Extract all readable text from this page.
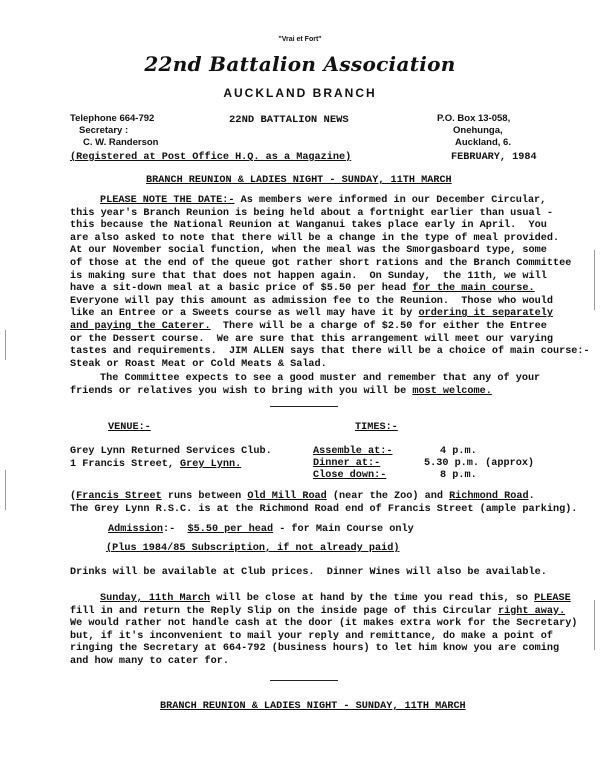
"Vrai et Fort"
22nd Battalion Association
AUCKLAND BRANCH
Telephone 664-792
Secretary :
C. W. Randerson
22ND BATTALION NEWS	P.O. Box 13-058,
Onehunga,
Auckland, 6.
(Registered at Post Office H.Q. as a Magazine)	FEBRUARY, 1984
BRANCH REUNION & LADIES NIGHT - SUNDAY, 11TH MARCH
PLEASE NOTE THE DATE:- As members were informed in our December Circular,
this year's Branch Reunion is being held about a fortnight earlier than usual -
this because the National Reunion at Wanganui takes place early in April.  You
are also asked to note that there will be a change in the type of meal provided.
At our November social function, when the meal was the Smorgasboard type, some
of those at the end of the queue got rather short rations and the Branch Committee
is making sure that that does not happen again.  On Sunday,  the 11th, we will
have a sit-down meal at a basic price of $5.50 per head for the main course.
Everyone will pay this amount as admission fee to the Reunion.  Those who would
like an Entree or a Sweets course as well may have it by ordering it separately
and paying the Caterer.  There will be a charge of $2.50 for either the Entree
or the Dessert course.  We are sure that this arrangement will meet our varying
tastes and requirements.  JIM ALLEN says that there will be a choice of main course:-
Steak or Roast Meat or Cold Meats & Salad.
The Committee expects to see a good muster and remember that any of your
friends or relatives you wish to bring with you will be most welcome.
VENUE:-	TIMES:-
Grey Lynn Returned Services Club.
1 Francis Street, Grey Lynn.
Assemble at:-	4 p.m.
Dinner at:-	5.30 p.m. (approx)
Close down:-	8 p.m.
(Francis Street runs between Old Mill Road (near the Zoo) and Richmond Road.
The Grey Lynn R.S.C. is at the Richmond Road end of Francis Street (ample parking).
Admission:-  $5.50 per head - for Main Course only
(Plus 1984/85 Subscription, if not already paid)
Drinks will be available at Club prices.  Dinner Wines will also be available.
Sunday, 11th March will be close at hand by the time you read this, so PLEASE
fill in and return the Reply Slip on the inside page of this Circular right away.
We would rather not handle cash at the door (it makes extra work for the Secretary)
but, if it's inconvenient to mail your reply and remittance, do make a point of
ringing the Secretary at 664-792 (business hours) to let him know you are coming
and how many to cater for.
BRANCH REUNION & LADIES NIGHT - SUNDAY, 11TH MARCH
